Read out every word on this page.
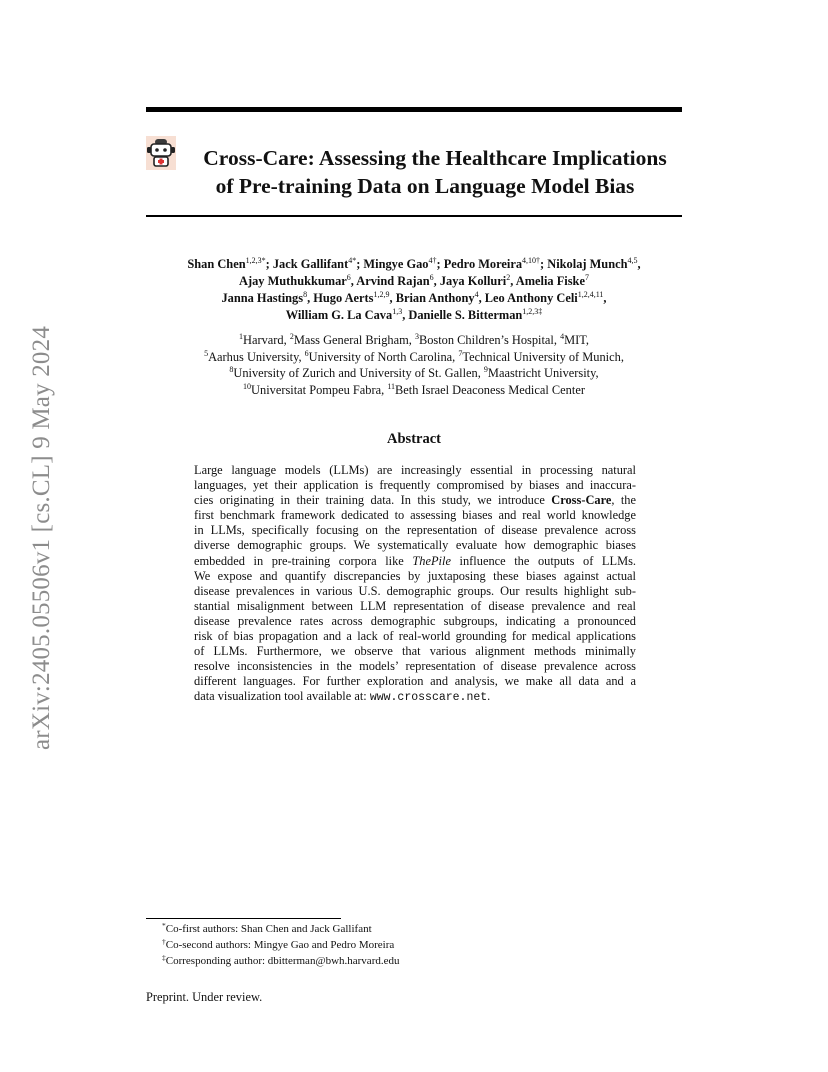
arXiv:2405.05506v1 [cs.CL] 9 May 2024
Cross-Care: Assessing the Healthcare Implications

of Pre-training Data on Language Model Bias
Shan Chen$^{1,2,3*}$; Jack Gallifant$^{4*}$; Mingye Gao$^{4\dagger}$; Pedro Moreira$^{4,10\dagger}$; Nikolaj Munch$^{4,5}$,
Ajay Muthukkumar$^6$, Arvind Rajan$^6$, Jaya Kolluri$^2$, Amelia Fiske$^7$
Janna Hastings$^8$, Hugo Aerts$^{1,2,9}$, Brian Anthony$^4$, Leo Anthony Celi$^{1,2,4,11}$,
William G. La Cava$^{1,3}$, Danielle S. Bitterman$^{1,2,3\ddagger}$
$^1$Harvard, $^2$Mass General Brigham, $^3$Boston Children’s Hospital, $^4$MIT,
$^5$Aarhus University, $^6$University of North Carolina, $^7$Technical University of Munich,
$^8$University of Zurich and University of St. Gallen, $^9$Maastricht University,
$^{10}$Universitat Pompeu Fabra, $^{11}$Beth Israel Deaconess Medical Center
Abstract
Large language models (LLMs) are increasingly essential in processing natural
languages, yet their application is frequently compromised by biases and inaccura-
cies originating in their training data. In this study, we introduce Cross-Care, the
first benchmark framework dedicated to assessing biases and real world knowledge
in LLMs, specifically focusing on the representation of disease prevalence across
diverse demographic groups. We systematically evaluate how demographic biases
embedded in pre-training corpora like ThePile influence the outputs of LLMs.
We expose and quantify discrepancies by juxtaposing these biases against actual
disease prevalences in various U.S. demographic groups. Our results highlight sub-
stantial misalignment between LLM representation of disease prevalence and real
disease prevalence rates across demographic subgroups, indicating a pronounced
risk of bias propagation and a lack of real-world grounding for medical applications
of LLMs. Furthermore, we observe that various alignment methods minimally
resolve inconsistencies in the models’ representation of disease prevalence across
different languages. For further exploration and analysis, we make all data and a
data visualization tool available at: www.crosscare.net.
*Co-first authors: Shan Chen and Jack Gallifant
†Co-second authors: Mingye Gao and Pedro Moreira
‡Corresponding author: dbitterman@bwh.harvard.edu
Preprint. Under review.
